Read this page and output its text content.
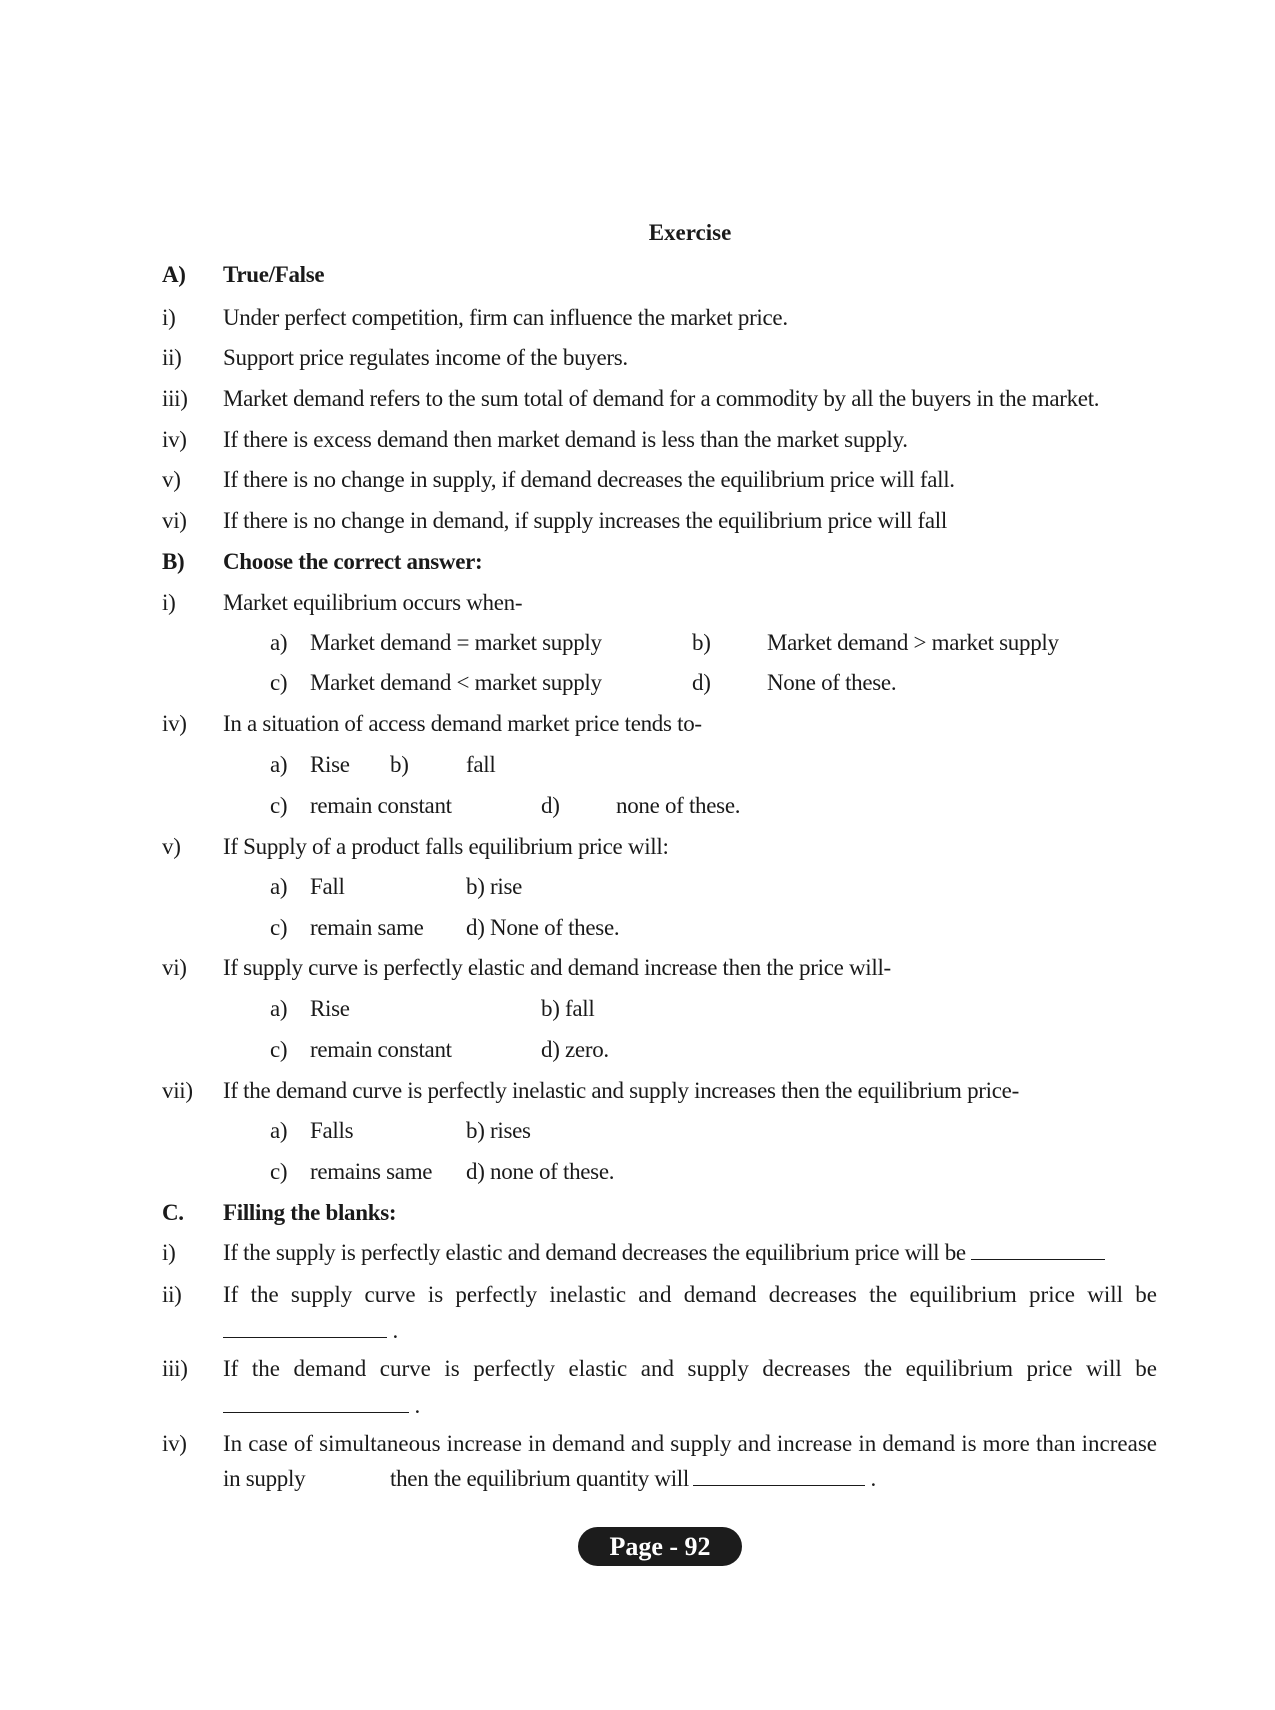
Exercise
A)	True/False
i)	Under perfect competition, firm can influence the market price.
ii)	Support price regulates income of the buyers.
iii)	Market demand refers to the sum total of demand for a commodity by all the buyers in the market.
iv)	If there is excess demand then market demand is less than the market supply.
v)	If there is no change in supply, if demand decreases the equilibrium price will fall.
vi)	If there is no change in demand, if supply increases the equilibrium price will fall
B)	Choose the correct answer:
i)	Market equilibrium occurs when-
a) Market demand = market supply	b)	Market demand > market supply
c) Market demand < market supply	d)	None of these.
iv)	In a situation of access demand market price tends to-
a) Rise b) fall
c) remain constant	d) none of these.
v)	If Supply of a product falls equilibrium price will:
a) Fall	b) rise
c) remain same d) None of these.
vi)	If supply curve is perfectly elastic and demand increase then the price will-
a) Rise	b) fall
c) remain constant	d) zero.
vii)	If the demand curve is perfectly inelastic and supply increases then the equilibrium price-
a) Falls	b) rises
c) remains same d) none of these.
C.	Filling the blanks:
i)	If the supply is perfectly elastic and demand decreases the equilibrium price will be
ii)	If the supply curve is perfectly inelastic and demand decreases the equilibrium price will be
.
iii)	If the demand curve is perfectly elastic and supply decreases the equilibrium price will be
.
iv)	In case of simultaneous increase in demand and supply and increase in demand is more than increase
in supply	then the equilibrium quantity will	.
Page - 92
